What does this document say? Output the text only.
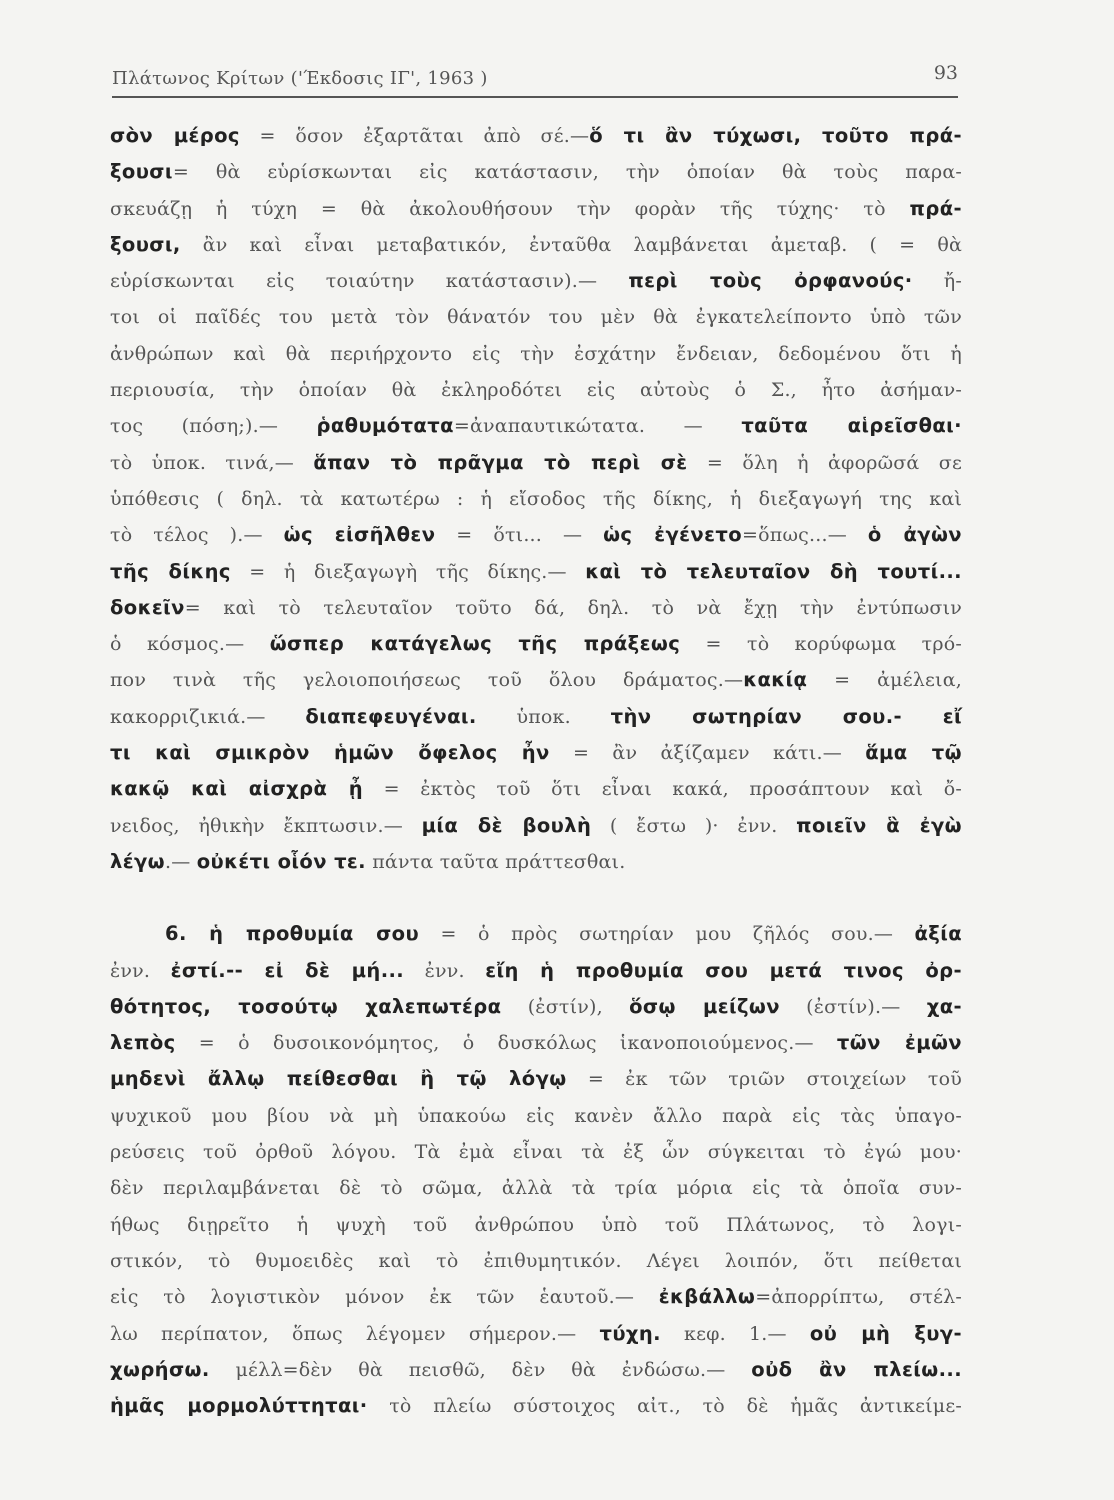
Πλάτωνος Κρίτων ('Έκδοσις ΙΓ', 1963 )	93
σὸν μέρος = ὅσον ἐξαρτᾶται ἀπὸ σέ.—ὅ τι ἂν τύχωσι, τοῦτο πρά-
ξουσι= θὰ εὑρίσκωνται εἰς κατάστασιν, τὴν ὁποίαν θὰ τοὺς παρα-
σκευάζῃ ἡ τύχη = θὰ ἀκολουθήσουν τὴν φορὰν τῆς τύχης· τὸ πρά-
ξουσι, ἂν καὶ εἶναι μεταβατικόν, ἐνταῦθα λαμβάνεται ἀμεταβ. ( = θὰ
εὑρίσκωνται εἰς τοιαύτην κατάστασιν).— περὶ τοὺς ὀρφανούς· ἤ-
τοι οἱ παῖδές του μετὰ τὸν θάνατόν του μὲν θὰ ἐγκατελείποντο ὑπὸ τῶν
ἀνθρώπων καὶ θὰ περιήρχοντο εἰς τὴν ἐσχάτην ἔνδειαν, δεδομένου ὅτι ἡ
περιουσία, τὴν ὁποίαν θὰ ἐκληροδότει εἰς αὐτοὺς ὁ Σ., ἦτο ἀσήμαν-
τος (πόση;).— ῥαθυμότατα=ἀναπαυτικώτατα. — ταῦτα αἱρεῖσθαι·
τὸ ὑποκ. τινά,— ἅπαν τὸ πρᾶγμα τὸ περὶ σὲ = ὅλη ἡ ἀφορῶσά σε
ὑπόθεσις ( δηλ. τὰ κατωτέρω : ἡ εἴσοδος τῆς δίκης, ἡ διεξαγωγή της καὶ
τὸ τέλος ).— ὡς εἰσῆλθεν = ὅτι... — ὡς ἐγένετο=ὅπως...— ὁ ἀγὼν
τῆς δίκης = ἡ διεξαγωγὴ τῆς δίκης.— καὶ τὸ τελευταῖον δὴ τουτί...
δοκεῖν= καὶ τὸ τελευταῖον τοῦτο δά, δηλ. τὸ νὰ ἔχῃ τὴν ἐντύπωσιν
ὁ κόσμος.— ὥσπερ κατάγελως τῆς πράξεως = τὸ κορύφωμα τρό-
πον τινὰ τῆς γελοιοποιήσεως τοῦ ὅλου δράματος.—κακίᾳ = ἀμέλεια,
κακορριζικιά.— διαπεφευγέναι. ὑποκ. τὴν σωτηρίαν σου.- εἴ
τι καὶ σμικρὸν ἡμῶν ὄφελος ἦν = ἂν ἀξίζαμεν κάτι.— ἅμα τῷ
κακῷ καὶ αἰσχρὰ ᾖ = ἐκτὸς τοῦ ὅτι εἶναι κακά, προσάπτουν καὶ ὄ-
νειδος, ἠθικὴν ἔκπτωσιν.— μία δὲ βουλὴ ( ἔστω )· ἐνν. ποιεῖν ἃ ἐγὼ
λέγω.— οὐκέτι οἷόν τε. πάντα ταῦτα πράττεσθαι.
6. ἡ προθυμία σου = ὁ πρὸς σωτηρίαν μου ζῆλός σου.— ἀξία
ἐνν. ἐστί.-- εἰ δὲ μή... ἐνν. εἴη ἡ προθυμία σου μετά τινος ὀρ-
θότητος, τοσούτῳ χαλεπωτέρα (ἐστίν), ὅσῳ μείζων (ἐστίν).— χα-
λεπὸς = ὁ δυσοικονόμητος, ὁ δυσκόλως ἱκανοποιούμενος.— τῶν ἐμῶν
μηδενὶ ἄλλῳ πείθεσθαι ἢ τῷ λόγῳ = ἐκ τῶν τριῶν στοιχείων τοῦ
ψυχικοῦ μου βίου νὰ μὴ ὑπακούω εἰς κανὲν ἄλλο παρὰ εἰς τὰς ὑπαγο-
ρεύσεις τοῦ ὀρθοῦ λόγου. Τὰ ἐμὰ εἶναι τὰ ἐξ ὧν σύγκειται τὸ ἐγώ μου·
δὲν περιλαμβάνεται δὲ τὸ σῶμα, ἀλλὰ τὰ τρία μόρια εἰς τὰ ὁποῖα συν-
ήθως διῃρεῖτο ἡ ψυχὴ τοῦ ἀνθρώπου ὑπὸ τοῦ Πλάτωνος, τὸ λογι-
στικόν, τὸ θυμοειδὲς καὶ τὸ ἐπιθυμητικόν. Λέγει λοιπόν, ὅτι πείθεται
εἰς τὸ λογιστικὸν μόνον ἐκ τῶν ἑαυτοῦ.— ἐκβάλλω=ἀπορρίπτω, στέλ-
λω περίπατον, ὅπως λέγομεν σήμερον.— τύχη. κεφ. 1.— οὐ μὴ ξυγ-
χωρήσω. μέλλ=δὲν θὰ πεισθῶ, δὲν θὰ ἐνδώσω.— οὐδ ἂν πλείω...
ἡμᾶς μορμολύττηται· τὸ πλείω σύστοιχος αἰτ., τὸ δὲ ἡμᾶς ἀντικείμε-
